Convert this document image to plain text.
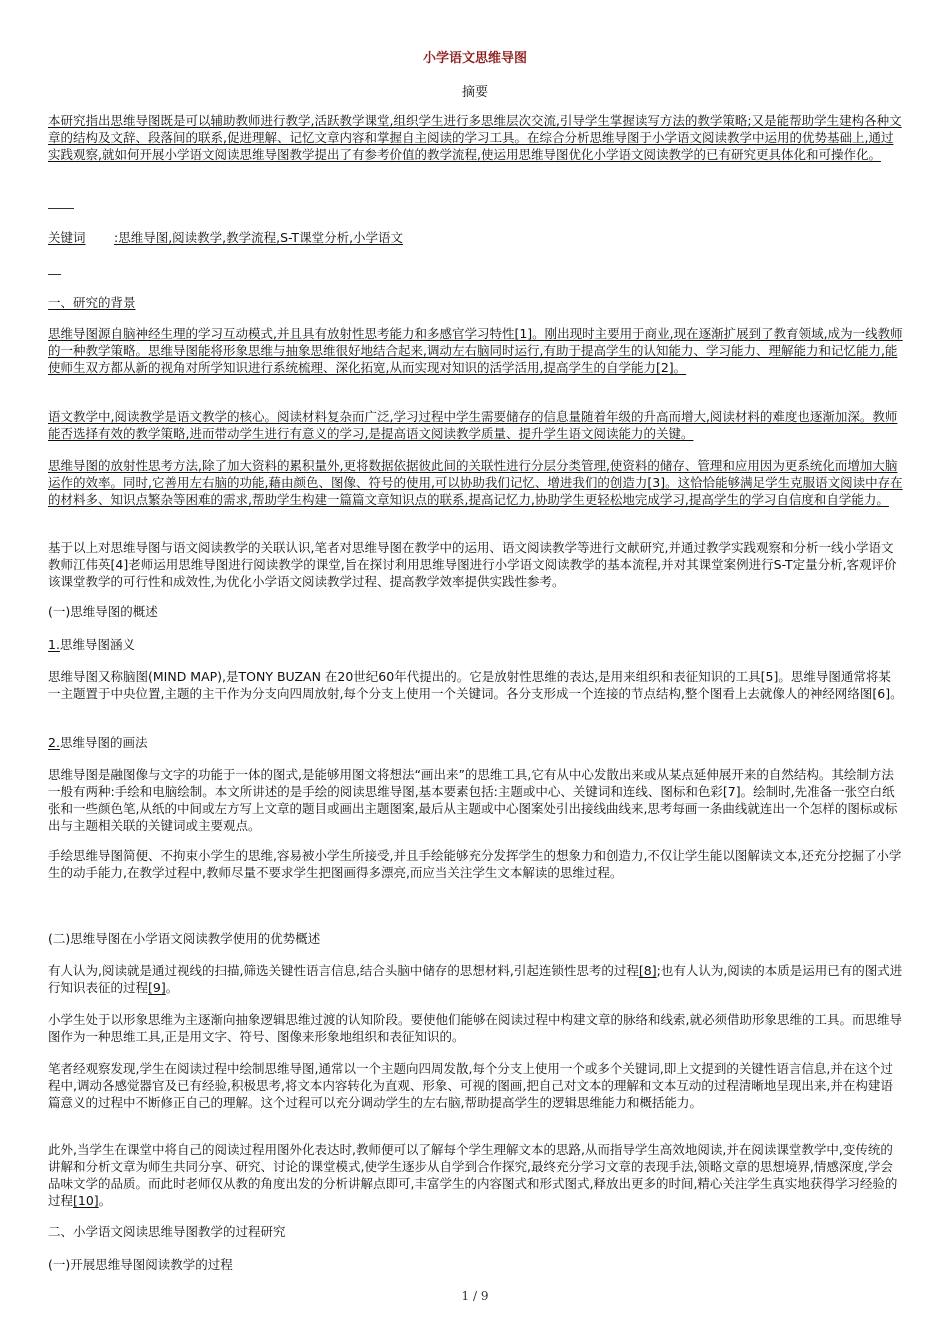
小学语文思维导图
摘要

本研究指出思维导图既是可以辅助教师进行教学,活跃教学课堂,组织学生进行多思维层次交流,引导学生掌握读写方法的教学策略;又是能帮助学生建构各种文章的结构及文辞、段落间的联系,促进理解、记忆文章内容和掌握自主阅读的学习工具。在综合分析思维导图于小学语文阅读教学中运用的优势基础上,通过实践观察,就如何开展小学语文阅读思维导图教学提出了有参考价值的教学流程,使运用思维导图优化小学语文阅读教学的已有研究更具体化和可操作化。

关键词 :思维导图,阅读教学,教学流程,S-T课堂分析,小学语文
一、研究的背景

思维导图源自脑神经生理的学习互动模式,并且具有放射性思考能力和多感官学习特性[1]。刚出现时主要用于商业,现在逐渐扩展到了教育领域,成为一线教师的一种教学策略。思维导图能将形象思维与抽象思维很好地结合起来,调动左右脑同时运行,有助于提高学生的认知能力、学习能力、理解能力和记忆能力,能使师生双方都从新的视角对所学知识进行系统梳理、深化拓宽,从而实现对知识的活学活用,提高学生的自学能力[2]。

语文教学中,阅读教学是语文教学的核心。阅读材料复杂而广泛,学习过程中学生需要储存的信息量随着年级的升高而增大,阅读材料的难度也逐渐加深。教师能否选择有效的教学策略,进而带动学生进行有意义的学习,是提高语文阅读教学质量、提升学生语文阅读能力的关键。

思维导图的放射性思考方法,除了加大资料的累积量外,更将数据依据彼此间的关联性进行分层分类管理,使资料的储存、管理和应用因为更系统化而增加大脑运作的效率。同时,它善用左右脑的功能,藉由颜色、图像、符号的使用,可以协助我们记忆、增进我们的创造力[3]。这恰恰能够满足学生克服语文阅读中存在的材料多、知识点繁杂等困难的需求,帮助学生构建一篇篇文章知识点的联系,提高记忆力,协助学生更轻松地完成学习,提高学生的学习自信度和自学能力。

基于以上对思维导图与语文阅读教学的关联认识,笔者对思维导图在教学中的运用、语文阅读教学等进行文献研究,并通过教学实践观察和分析一线小学语文教师江伟英[4]老师运用思维导图进行阅读教学的课堂,旨在探讨利用思维导图进行小学语文阅读教学的基本流程,并对其课堂案例进行S-T定量分析,客观评价该课堂教学的可行性和成效性,为优化小学语文阅读教学过程、提高教学效率提供实践性参考。

(一)思维导图的概述
1.思维导图涵义

思维导图又称脑图(MIND MAP),是TONY BUZAN 在20世纪60年代提出的。它是放射性思维的表达,是用来组织和表征知识的工具[5]。思维导图通常将某一主题置于中央位置,主题的主干作为分支向四周放射,每个分支上使用一个关键词。各分支形成一个连接的节点结构,整个图看上去就像人的神经网络图[6]。

2.思维导图的画法

思维导图是融图像与文字的功能于一体的图式,是能够用图文将想法“画出来”的思维工具,它有从中心发散出来或从某点延伸展开来的自然结构。其绘制方法一般有两种:手绘和电脑绘制。本文所讲述的是手绘的阅读思维导图,基本要素包括:主题或中心、关键词和连线、图标和色彩[7]。绘制时,先准备一张空白纸张和一些颜色笔,从纸的中间或左方写上文章的题目或画出主题图案,最后从主题或中心图案处引出接线曲线来,思考每画一条曲线就连出一个怎样的图标或标出与主题相关联的关键词或主要观点。

手绘思维导图简便、不拘束小学生的思维,容易被小学生所接受,并且手绘能够充分发挥学生的想象力和创造力,不仅让学生能以图解读文本,还充分挖掘了小学生的动手能力,在教学过程中,教师尽量不要求学生把图画得多漂亮,而应当关注学生文本解读的思维过程。

(二)思维导图在小学语文阅读教学使用的优势概述

有人认为,阅读就是通过视线的扫描,筛选关键性语言信息,结合头脑中储存的思想材料,引起连锁性思考的过程[8];也有人认为,阅读的本质是运用已有的图式进行知识表征的过程[9]。

小学生处于以形象思维为主逐渐向抽象逻辑思维过渡的认知阶段。要使他们能够在阅读过程中构建文章的脉络和线索,就必须借助形象思维的工具。而思维导图作为一种思维工具,正是用文字、符号、图像来形象地组织和表征知识的。

笔者经观察发现,学生在阅读过程中绘制思维导图,通常以一个主题向四周发散,每个分支上使用一个或多个关键词,即上文提到的关键性语言信息,并在这个过程中,调动各感觉器官及已有经验,积极思考,将文本内容转化为直观、形象、可视的图画,把自己对文本的理解和文本互动的过程清晰地呈现出来,并在构建语篇意义的过程中不断修正自己的理解。这个过程可以充分调动学生的左右脑,帮助提高学生的逻辑思维能力和概括能力。

此外,当学生在课堂中将自己的阅读过程用图外化表达时,教师便可以了解每个学生理解文本的思路,从而指导学生高效地阅读,并在阅读课堂教学中,变传统的讲解和分析文章为师生共同分享、研究、讨论的课堂模式,使学生逐步从自学到合作探究,最终充分学习文章的表现手法,领略文章的思想境界,情感深度,学会品味文学的品质。而此时老师仅从教的角度出发的分析讲解点即可,丰富学生的内容图式和形式图式,释放出更多的时间,精心关注学生真实地获得学习经验的过程[10]。

二、小学语文阅读思维导图教学的过程研究
(一)开展思维导图阅读教学的过程
1 / 9
